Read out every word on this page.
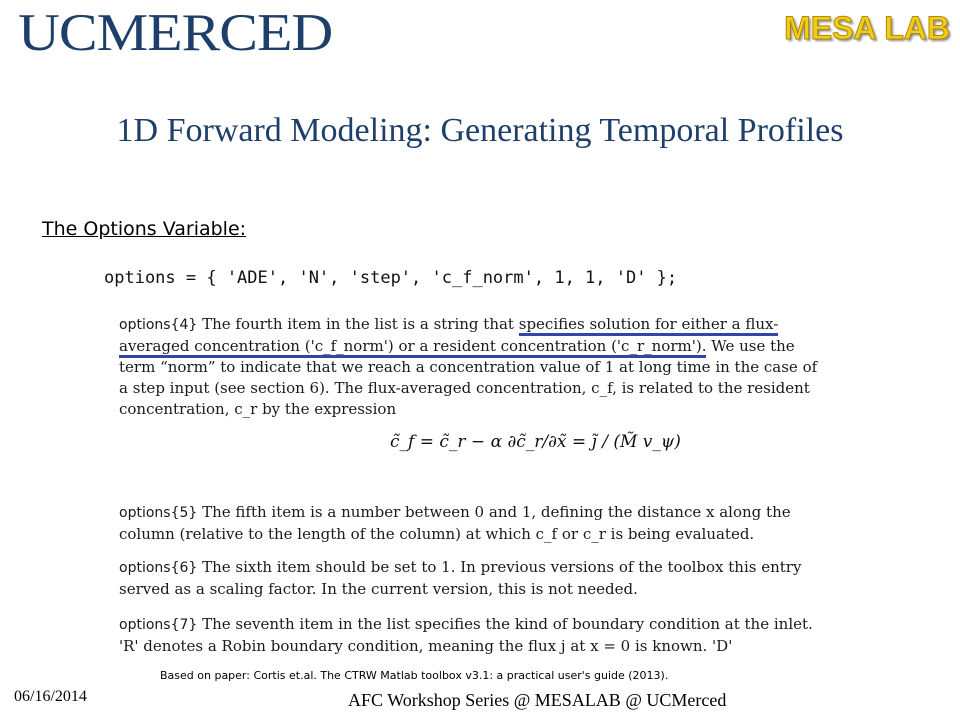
UCMERCED	MESA LAB
1D Forward Modeling: Generating Temporal Profiles
The Options Variable:
options = { 'ADE', 'N', 'step', 'c_f_norm', 1, 1, 'D' };
options{4} The fourth item in the list is a string that specifies solution for either a flux-averaged concentration ('c_f_norm') or a resident concentration ('c_r_norm'). We use the term “norm” to indicate that we reach a concentration value of 1 at long time in the case of a step input (see section 6). The flux-averaged concentration, c_f, is related to the resident concentration, c_r by the expression
c̃_f = c̃_r − α ∂c̃_r/∂x̃ = j̃ / (M̃ v_ψ)
options{5} The fifth item is a number between 0 and 1, defining the distance x along the column (relative to the length of the column) at which c_f or c_r is being evaluated.
options{6} The sixth item should be set to 1. In previous versions of the toolbox this entry served as a scaling factor. In the current version, this is not needed.
options{7} The seventh item in the list specifies the kind of boundary condition at the inlet. 'R' denotes a Robin boundary condition, meaning the flux j at x = 0 is known. 'D'
Based on paper: Cortis et.al. The CTRW Matlab toolbox v3.1: a practical user's guide (2013).
06/16/2014	AFC Workshop Series @ MESALAB @ UCMerced
